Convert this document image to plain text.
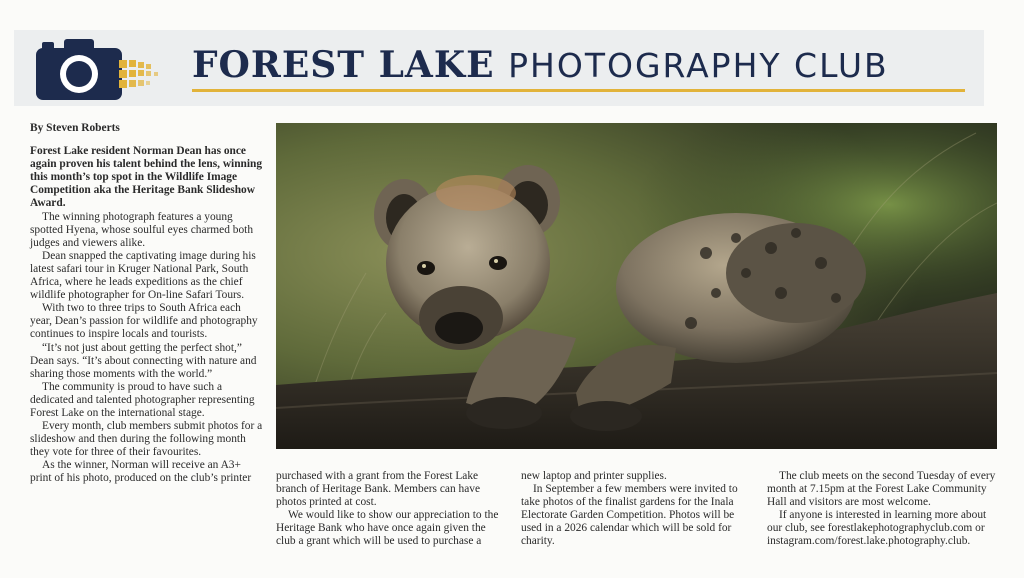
FOREST LAKE PHOTOGRAPHY CLUB

By Steven Roberts

Forest Lake resident Norman Dean has once again proven his talent behind the lens, winning this month’s top spot in the Wildlife Image Competition aka the Heritage Bank Slideshow Award.

The winning photograph features a young spotted Hyena, whose soulful eyes charmed both judges and viewers alike.

Dean snapped the captivating image during his latest safari tour in Kruger National Park, South Africa, where he leads expeditions as the chief wildlife photographer for On-line Safari Tours.

With two to three trips to South Africa each year, Dean’s passion for wildlife and photography continues to inspire locals and tourists.

“It’s not just about getting the perfect shot,” Dean says. “It’s about connecting with nature and sharing those moments with the world.”

The community is proud to have such a dedicated and talented photographer representing Forest Lake on the international stage.

Every month, club members submit photos for a slideshow and then during the following month they vote for three of their favourites.

As the winner, Norman will receive an A3+ print of his photo, produced on the club’s printer	purchased with a grant from the Forest Lake branch of Heritage Bank. Members can have photos printed at cost.

We would like to show our appreciation to the Heritage Bank who have once again given the club a grant which will be used to purchase a

new laptop and printer supplies.

In September a few members were invited to take photos of the finalist gardens for the Inala Electorate Garden Competition. Photos will be used in a 2026 calendar which will be sold for charity.

The club meets on the second Tuesday of every month at 7.15pm at the Forest Lake Community Hall and visitors are most welcome.

If anyone is interested in learning more about our club, see forestlakephotographyclub.com or instagram.com/forest.lake.photography.club.
